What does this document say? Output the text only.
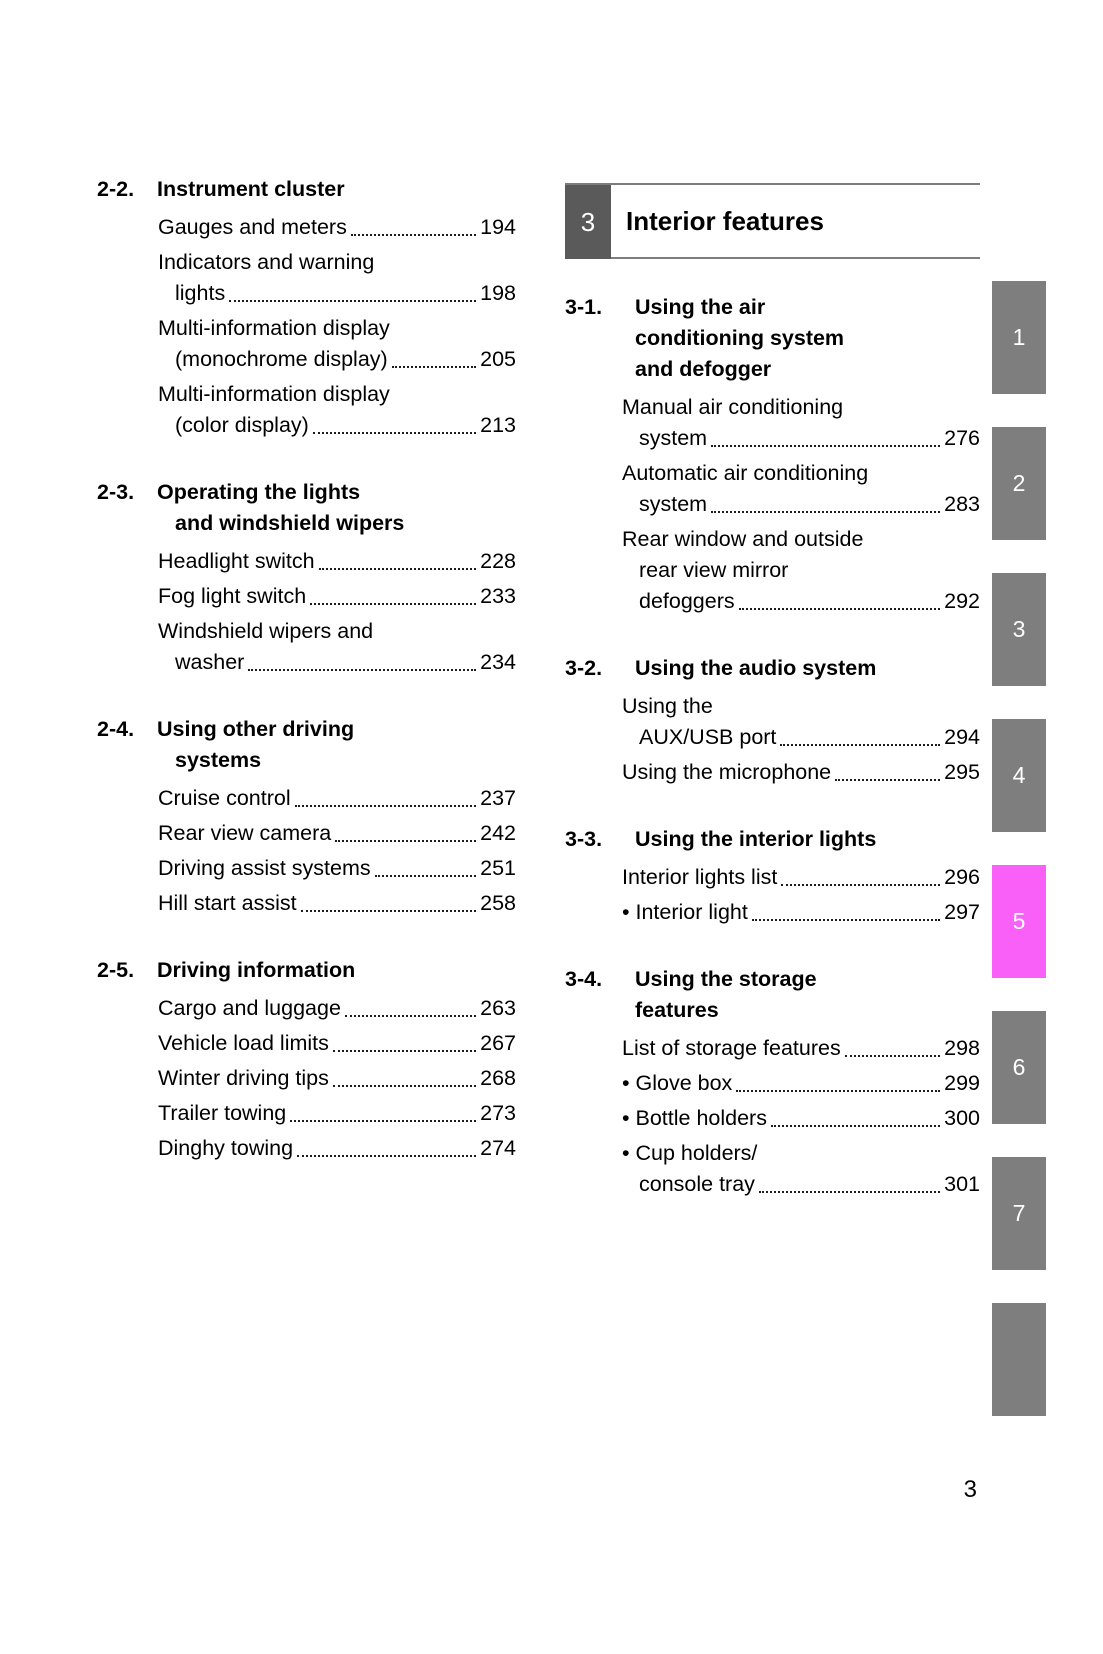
2-2.	Instrument cluster
Gauges and meters	194
Indicators and warning
lights	198
Multi-information display
(monochrome display)	205
Multi-information display
(color display)	213
2-3.	Operating the lights
and windshield wipers
Headlight switch	228
Fog light switch	233
Windshield wipers and
washer	234
2-4.	Using other driving
systems
Cruise control	237
Rear view camera	242
Driving assist systems	251
Hill start assist	258
2-5.	Driving information
Cargo and luggage	263
Vehicle load limits	267
Winter driving tips	268
Trailer towing	273
Dinghy towing	274
3 Interior features
3-1.	Using the air
conditioning system
and defogger
Manual air conditioning
system	276
Automatic air conditioning
system	283
Rear window and outside
rear view mirror
defoggers	292
3-2.	Using the audio system
Using the
AUX/USB port	294
Using the microphone	295
3-3.	Using the interior lights
Interior lights list	296
• Interior light	297
3-4.	Using the storage
features
List of storage features	298
• Glove box	299
• Bottle holders	300
• Cup holders/
console tray	301
1
2
3
4
5
6
7
3
